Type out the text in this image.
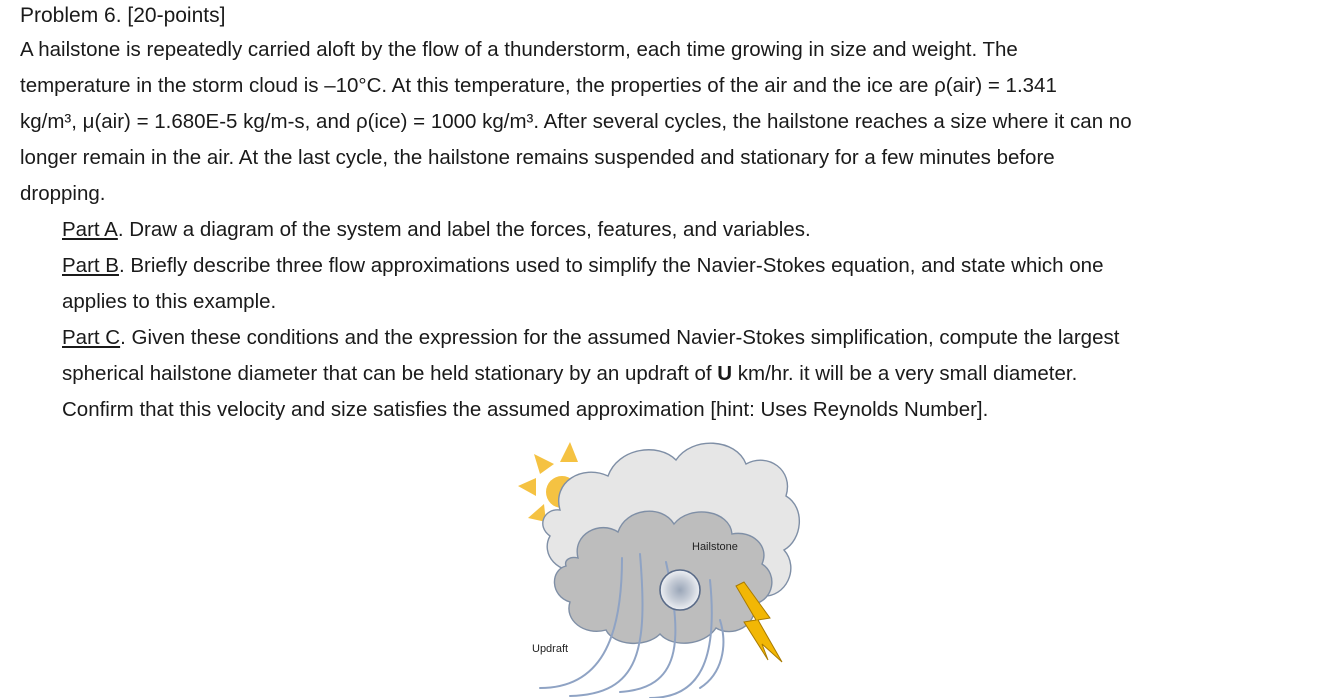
Problem 6. [20-points]

A hailstone is repeatedly carried aloft by the flow of a thunderstorm, each time growing in size and weight. The
temperature in the storm cloud is –10°C. At this temperature, the properties of the air and the ice are ρ(air) = 1.341
kg/m³, μ(air) = 1.680E-5 kg/m-s, and ρ(ice) = 1000 kg/m³. After several cycles, the hailstone reaches a size where it can no
longer remain in the air. At the last cycle, the hailstone remains suspended and stationary for a few minutes before
dropping.

Part A. Draw a diagram of the system and label the forces, features, and variables.
Part B. Briefly describe three flow approximations used to simplify the Navier-Stokes equation, and state which one
applies to this example.
Part C. Given these conditions and the expression for the assumed Navier-Stokes simplification, compute the largest
spherical hailstone diameter that can be held stationary by an updraft of U km/hr. it will be a very small diameter.
Confirm that this velocity and size satisfies the assumed approximation [hint: Uses Reynolds Number].
Hailstone
Updraft
